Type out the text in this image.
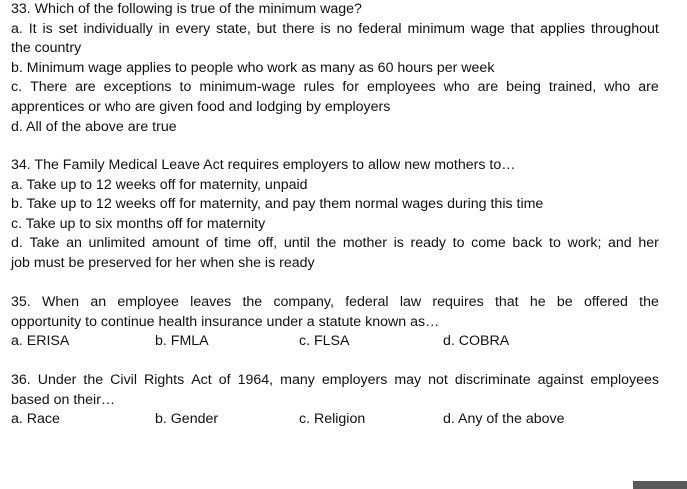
33. Which of the following is true of the minimum wage?
a. It is set individually in every state, but there is no federal minimum wage that applies throughout
the country
b. Minimum wage applies to people who work as many as 60 hours per week
c. There are exceptions to minimum-wage rules for employees who are being trained, who are
apprentices or who are given food and lodging by employers
d. All of the above are true
34. The Family Medical Leave Act requires employers to allow new mothers to…
a. Take up to 12 weeks off for maternity, unpaid
b. Take up to 12 weeks off for maternity, and pay them normal wages during this time
c. Take up to six months off for maternity
d. Take an unlimited amount of time off, until the mother is ready to come back to work; and her
job must be preserved for her when she is ready
35. When an employee leaves the company, federal law requires that he be offered the
opportunity to continue health insurance under a statute known as…
a. ERISA	b. FMLA	c. FLSA	d. COBRA
36. Under the Civil Rights Act of 1964, many employers may not discriminate against employees
based on their…
a. Race	b. Gender	c. Religion	d. Any of the above
